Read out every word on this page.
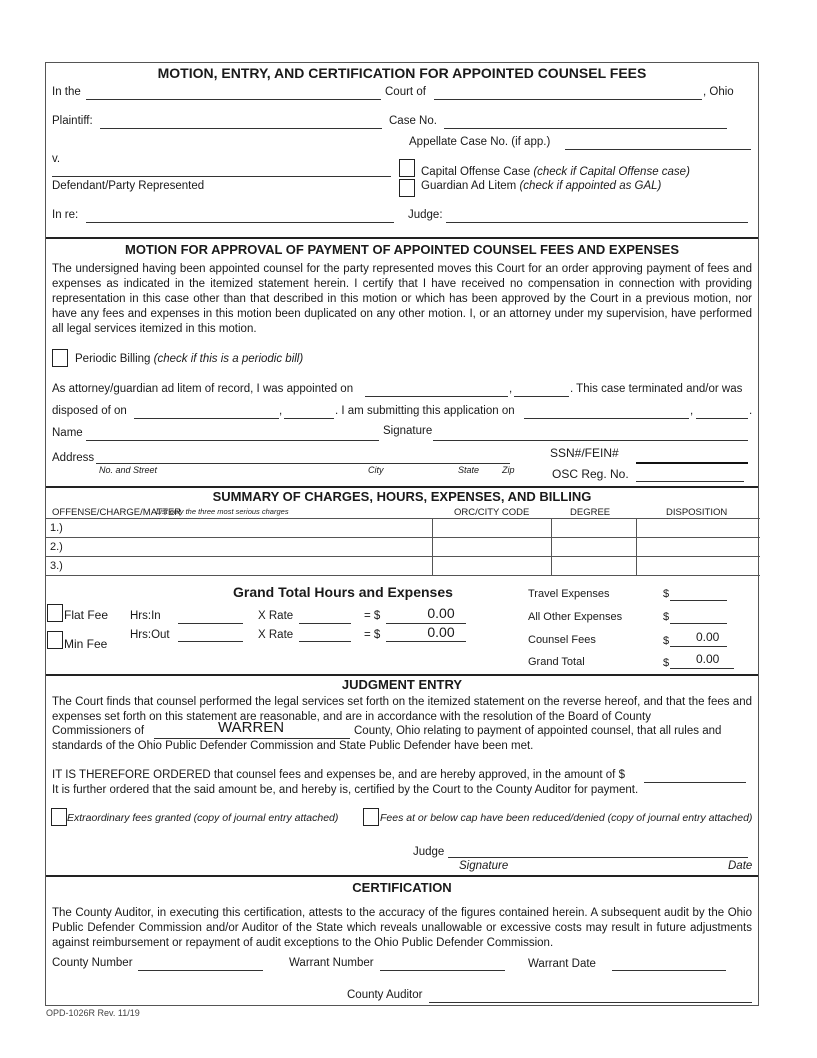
MOTION, ENTRY, AND CERTIFICATION FOR APPOINTED COUNSEL FEES
In the	Court of	, Ohio
Plaintiff:	Case No.
Appellate Case No. (if app.)
v.
Defendant/Party Represented
Capital Offense Case (check if Capital Offense case)
Guardian Ad Litem (check if appointed as GAL)
In re:	Judge:
MOTION FOR APPROVAL OF PAYMENT OF APPOINTED COUNSEL FEES AND EXPENSES
The undersigned having been appointed counsel for the party represented moves this Court for an order approving payment of fees and expenses as indicated in the itemized statement herein. I certify that I have received no compensation in connection with providing representation in this case other than that described in this motion or which has been approved by the Court in a previous motion, nor have any fees and expenses in this motion been duplicated on any other motion. I, or an attorney under my supervision, have performed all legal services itemized in this motion.
Periodic Billing (check if this is a periodic bill)
As attorney/guardian ad litem of record, I was appointed on	,	. This case terminated and/or was
disposed of on	,	. I am submitting this application on	,	.
Name	Signature
Address
No. and Street	City	State	Zip
SSN#/FEIN#
OSC Reg. No.
SUMMARY OF CHARGES, HOURS, EXPENSES, AND BILLING
OFFENSE/CHARGE/MATTER
List only the three most serious charges	ORC/CITY CODE	DEGREE	DISPOSITION
1.)			
2.)			
3.)			
Grand Total Hours and Expenses
Flat Fee
Min Fee
Hrs:In	X Rate	= $	0.00
Hrs:Out	X Rate	= $	0.00
Travel Expenses	$
All Other Expenses	$
Counsel Fees	$ 0.00
Grand Total	$ 0.00
JUDGMENT ENTRY
The Court finds that counsel performed the legal services set forth on the itemized statement on the reverse hereof, and that the fees and expenses set forth on this statement are reasonable, and are in accordance with the resolution of the Board of County
Commissioners of	WARREN	County, Ohio relating to payment of appointed counsel, that all rules and
standards of the Ohio Public Defender Commission and State Public Defender have been met.
IT IS THEREFORE ORDERED that counsel fees and expenses be, and are hereby approved, in the amount of $
It is further ordered that the said amount be, and hereby is, certified by the Court to the County Auditor for payment.
Extraordinary fees granted (copy of journal entry attached)	Fees at or below cap have been reduced/denied (copy of journal entry attached)
Judge
Signature	Date
CERTIFICATION
The County Auditor, in executing this certification, attests to the accuracy of the figures contained herein. A subsequent audit by the Ohio Public Defender Commission and/or Auditor of the State which reveals unallowable or excessive costs may result in future adjustments against reimbursement or repayment of audit exceptions to the Ohio Public Defender Commission.
County Number	Warrant Number	Warrant Date
County Auditor
OPD-1026R Rev. 11/19
